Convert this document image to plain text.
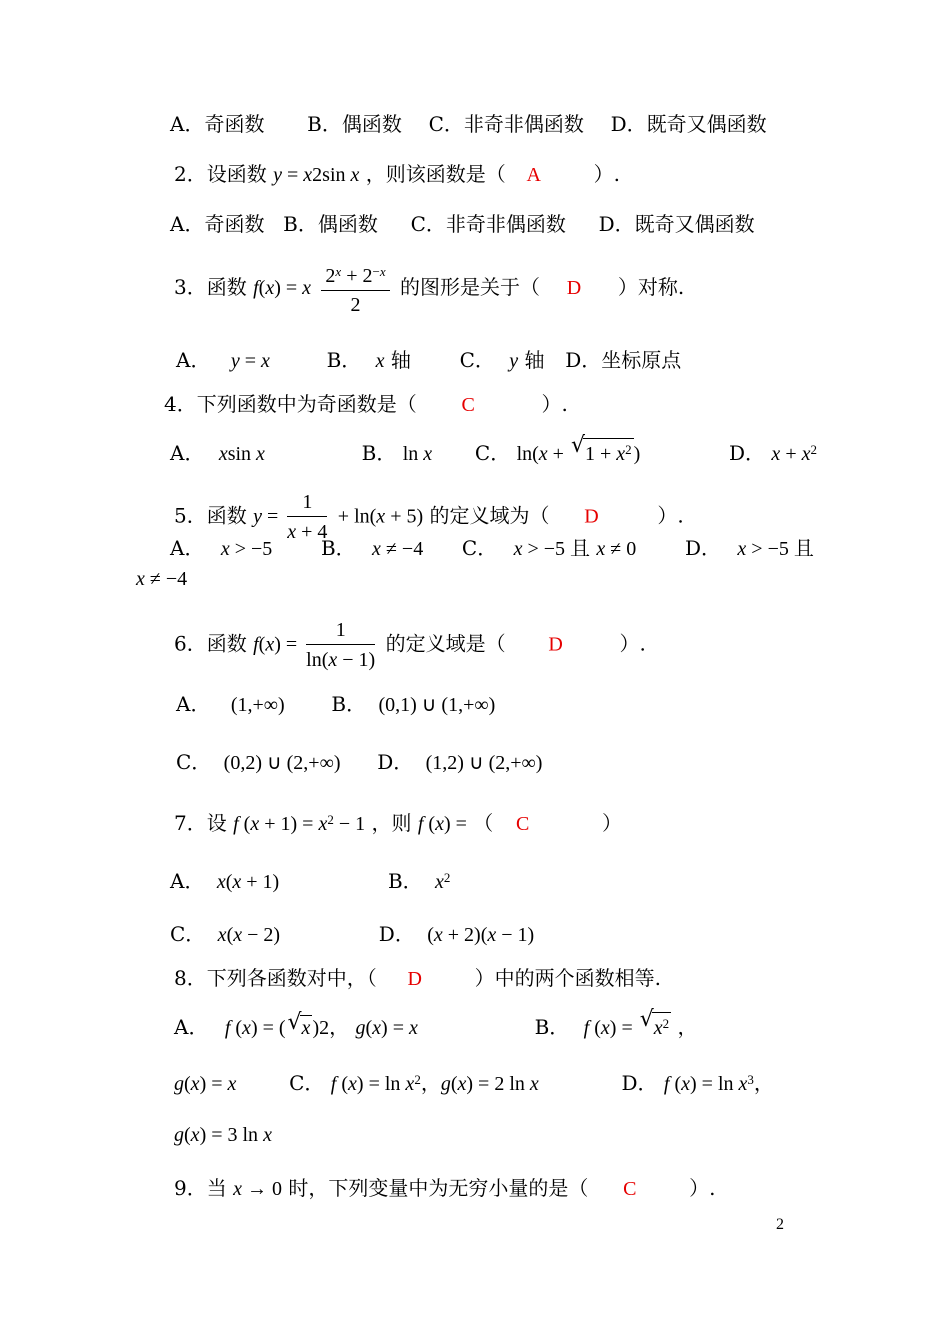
A．奇函数 B．偶函数 C．非奇非偶函数 D．既奇又偶函数
2．设函数 y = x2sin x ，则该函数是（ A	）.
A．奇函数 B．偶函数 C．非奇非偶函数 D．既奇又偶函数
3．函数 f(x) = x $\frac{2^x + 2^{-x}}{2}$ 的图形是关于（ D ）对称.
A． y = x	B． x 轴 C． y 轴 D．坐标原点
4．下列函数中为奇函数是（ C	）.
A． xsin x	B． ln x C． ln(x + √ $1 + x^2$ )	D． $x + x^2$
5．函数 $y = \frac{1}{x + 4} + \ln(x + 5)$ 的定义域为（ D	）.
A． x > −5 B． x ≠ −4 C． x > −5 且 x ≠ 0 D． x > −5 且
x ≠ −4
6．函数 $f(x) = \frac{1}{\ln(x - 1)}$ 的定义域是（ D	）.
A． (1,+∞) B． (0,1) ∪ (1,+∞)
C． (0,2) ∪ (2,+∞) D． (1,2) ∪ (2,+∞)
7．设 f $(x + 1) = x^2 - 1$ ，则 f (x) = （ C	）
A． x(x + 1)	B． $x^2$
C． x(x − 2)	D． (x + 2)(x − 1)
8．下列各函数对中，（ D	）中的两个函数相等.
A． f (x) = ( √ x )2， g(x) = x	B． f (x) = √ $x^2$ ，
g(x) = x	C． f $(x) = \ln x^2$，g(x) = 2 ln x	D． f $(x) = \ln x^3$，
g(x) = 3 ln x
9．当 x → 0 时，下列变量中为无穷小量的是（ C	）.
2
